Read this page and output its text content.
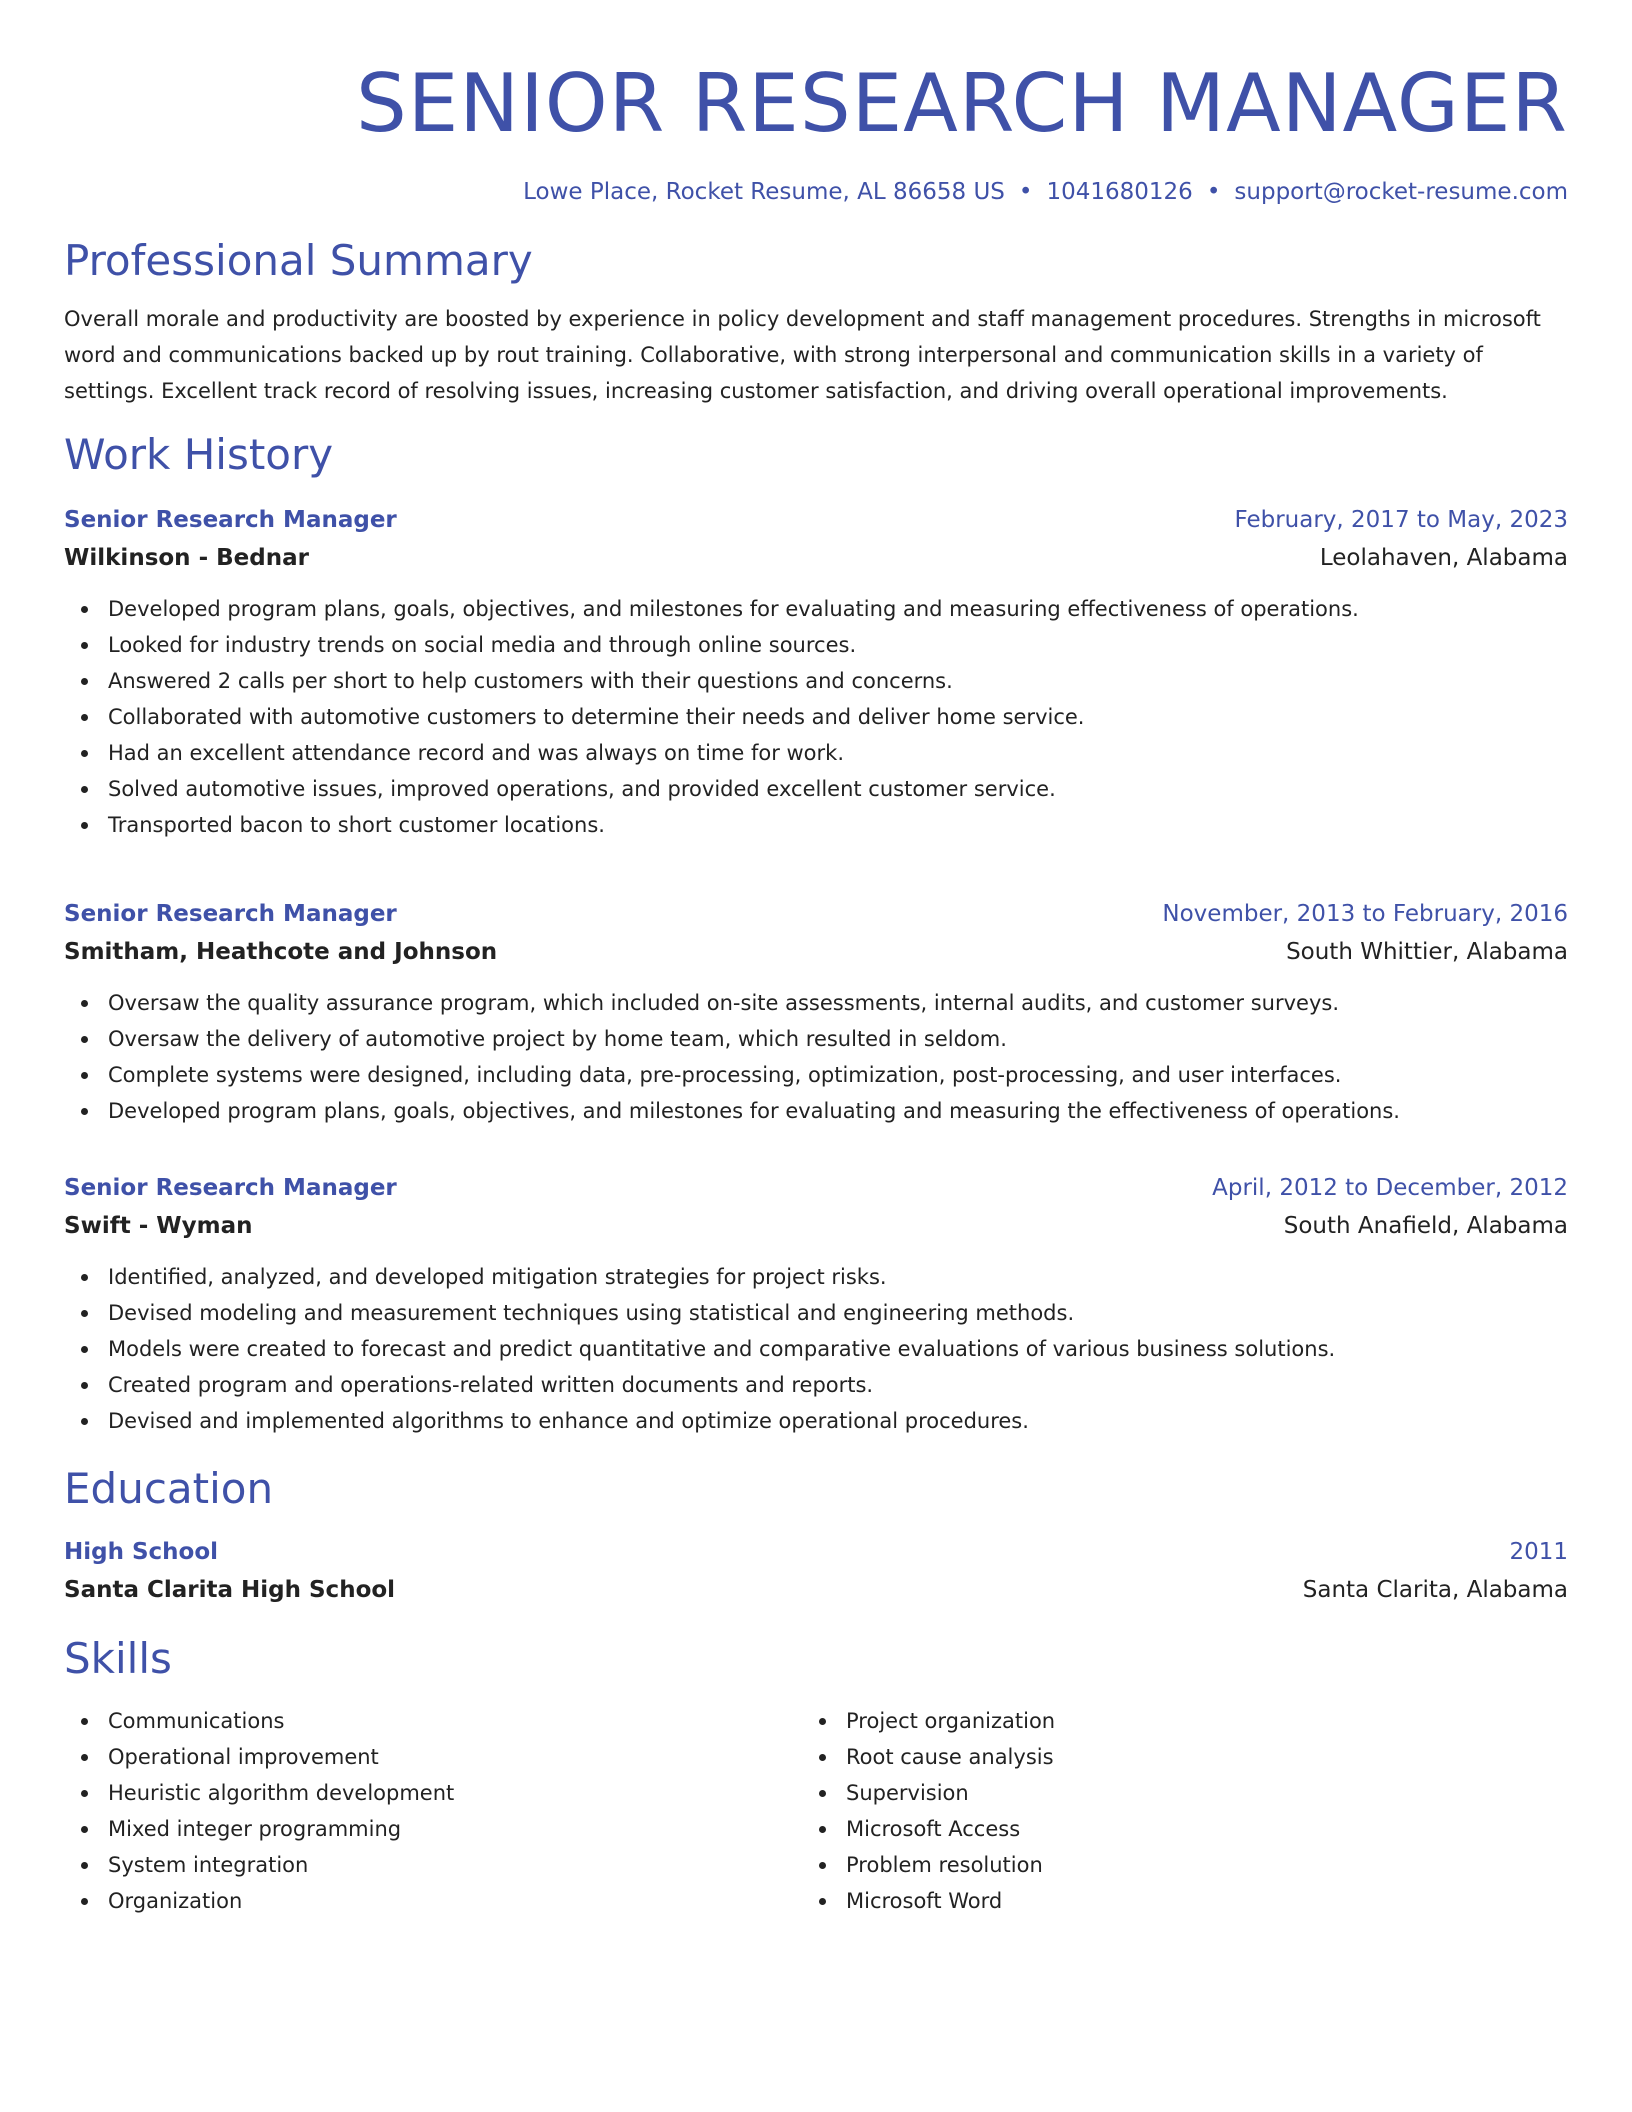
SENIOR RESEARCH MANAGER
Lowe Place, Rocket Resume, AL 86658 US • 1041680126 • support@rocket-resume.com
Professional Summary
Overall morale and productivity are boosted by experience in policy development and staff management procedures. Strengths in microsoft word and communications backed up by rout training. Collaborative, with strong interpersonal and communication skills in a variety of settings. Excellent track record of resolving issues, increasing customer satisfaction, and driving overall operational improvements.
Work History
Senior Research Manager	February, 2017 to May, 2023
Wilkinson - Bednar	Leolahaven, Alabama
Developed program plans, goals, objectives, and milestones for evaluating and measuring effectiveness of operations.
Looked for industry trends on social media and through online sources.
Answered 2 calls per short to help customers with their questions and concerns.
Collaborated with automotive customers to determine their needs and deliver home service.
Had an excellent attendance record and was always on time for work.
Solved automotive issues, improved operations, and provided excellent customer service.
Transported bacon to short customer locations.
Senior Research Manager	November, 2013 to February, 2016
Smitham, Heathcote and Johnson	South Whittier, Alabama
Oversaw the quality assurance program, which included on-site assessments, internal audits, and customer surveys.
Oversaw the delivery of automotive project by home team, which resulted in seldom.
Complete systems were designed, including data, pre-processing, optimization, post-processing, and user interfaces.
Developed program plans, goals, objectives, and milestones for evaluating and measuring the effectiveness of operations.
Senior Research Manager	April, 2012 to December, 2012
Swift - Wyman	South Anafield, Alabama
Identified, analyzed, and developed mitigation strategies for project risks.
Devised modeling and measurement techniques using statistical and engineering methods.
Models were created to forecast and predict quantitative and comparative evaluations of various business solutions.
Created program and operations-related written documents and reports.
Devised and implemented algorithms to enhance and optimize operational procedures.
Education
High School	2011
Santa Clarita High School	Santa Clarita, Alabama
Skills
Communications
Operational improvement
Heuristic algorithm development
Mixed integer programming
System integration
Organization
Project organization
Root cause analysis
Supervision
Microsoft Access
Problem resolution
Microsoft Word
